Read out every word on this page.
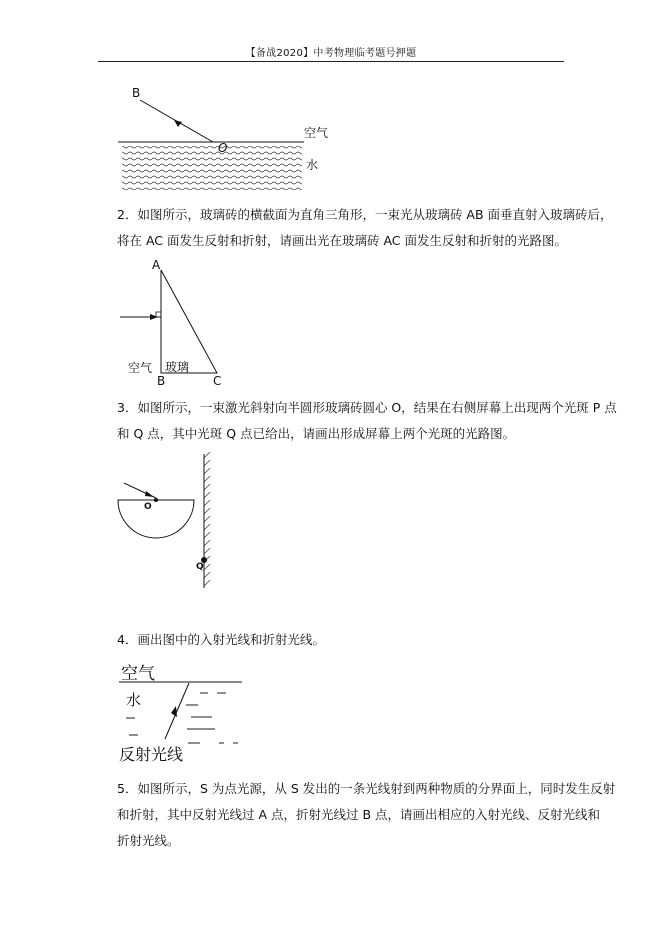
【备战2020】中考物理临考题号押题
B
O
空气
水
2．如图所示，玻璃砖的横截面为直角三角形，一束光从玻璃砖 AB 面垂直射入玻璃砖后，
将在 AC 面发生反射和折射，请画出光在玻璃砖 AC 面发生反射和折射的光路图。
A
B	C
空气 玻璃
3．如图所示，一束激光斜射向半圆形玻璃砖圆心 O，结果在右侧屏幕上出现两个光斑 P 点
和 Q 点，其中光斑 Q 点已给出，请画出形成屏幕上两个光斑的光路图。
O
Q
4．画出图中的入射光线和折射光线。
空气
水
反射光线
5．如图所示，S 为点光源，从 S 发出的一条光线射到两种物质的分界面上，同时发生反射
和折射，其中反射光线过 A 点，折射光线过 B 点，请画出相应的入射光线、反射光线和
折射光线。
